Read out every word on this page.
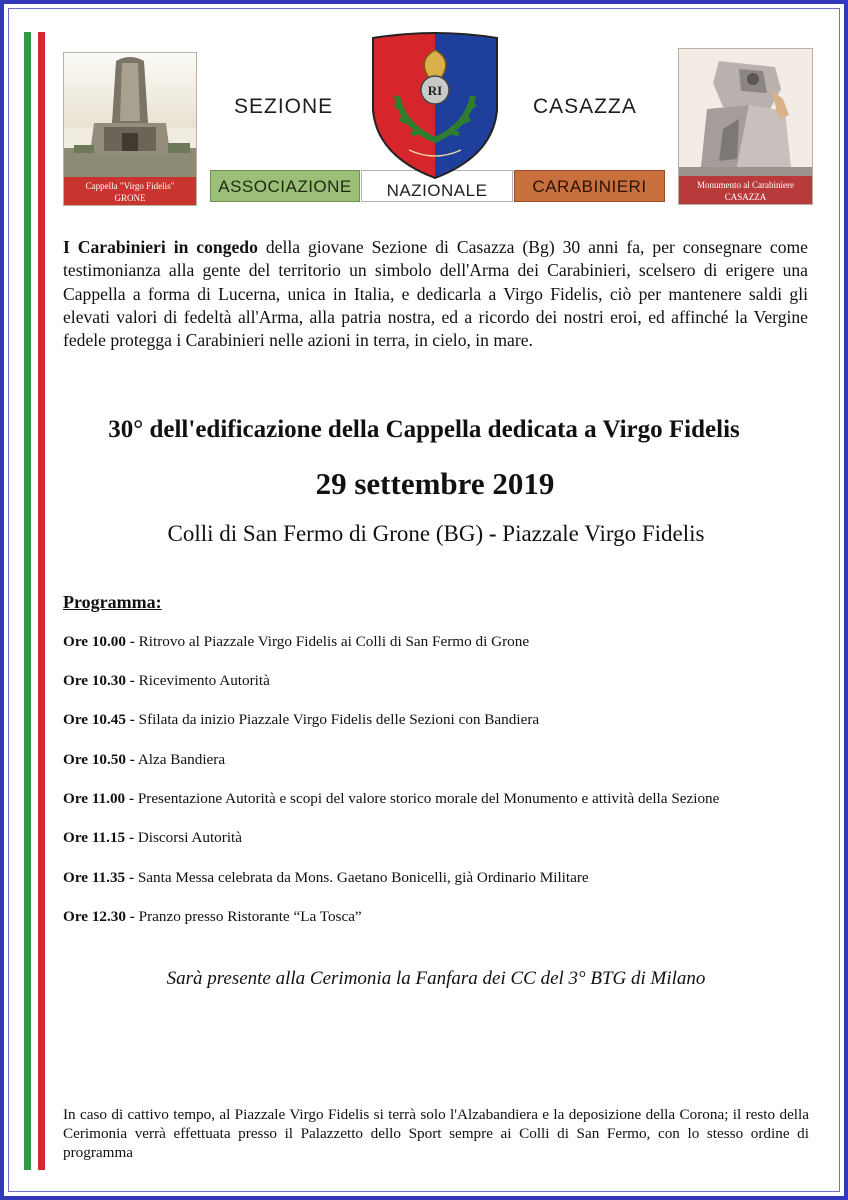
Cappella "Virgo Fidelis"
GRONE
Monumento al Carabiniere
CASAZZA
SEZIONE	CASAZZA
ASSOCIAZIONE	NAZIONALE	CARABINIERI
RI
I Carabinieri in congedo della giovane Sezione di Casazza (Bg) 30 anni fa, per consegnare come testimonianza alla gente del territorio un simbolo dell'Arma dei Carabinieri, scelsero di erigere una Cappella a forma di Lucerna, unica in Italia, e dedicarla a Virgo Fidelis, ciò per mantenere saldi gli elevati valori di fedeltà all'Arma, alla patria nostra, ed a ricordo dei nostri eroi, ed affinché la Vergine fedele protegga i Carabinieri nelle azioni in terra, in cielo, in mare.
30° dell'edificazione della Cappella dedicata a Virgo Fidelis
29 settembre 2019
Colli di San Fermo di Grone (BG) - Piazzale Virgo Fidelis
Programma:
Ore 10.00 - Ritrovo al Piazzale Virgo Fidelis ai Colli di San Fermo di Grone
Ore 10.30 - Ricevimento Autorità
Ore 10.45 - Sfilata da inizio Piazzale Virgo Fidelis delle Sezioni con Bandiera
Ore 10.50 - Alza Bandiera
Ore 11.00 - Presentazione Autorità e scopi del valore storico morale del Monumento e attività della Sezione
Ore 11.15 - Discorsi Autorità
Ore 11.35 - Santa Messa celebrata da Mons. Gaetano Bonicelli, già Ordinario Militare
Ore 12.30 - Pranzo presso Ristorante “La Tosca”
Sarà presente alla Cerimonia la Fanfara dei CC del 3° BTG di Milano
In caso di cattivo tempo, al Piazzale Virgo Fidelis si terrà solo l'Alzabandiera e la deposizione della Corona; il resto della Cerimonia verrà effettuata presso il Palazzetto dello Sport sempre ai Colli di San Fermo, con lo stesso ordine di programma
